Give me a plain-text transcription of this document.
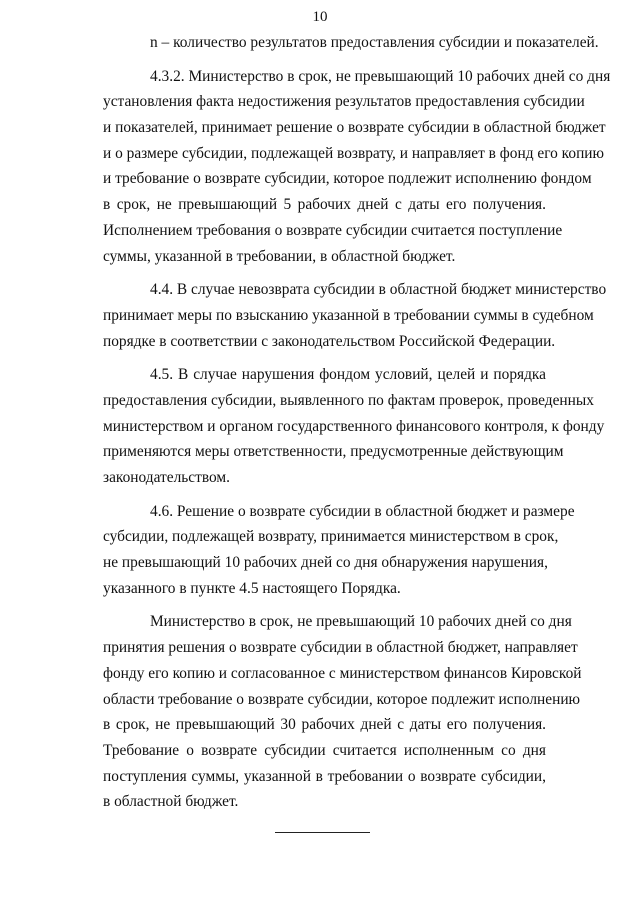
10
n – количество результатов предоставления субсидии и показателей.
4.3.2. Министерство в срок, не превышающий 10 рабочих дней со дня
установления факта недостижения результатов предоставления субсидии
и показателей, принимает решение о возврате субсидии в областной бюджет
и о размере субсидии, подлежащей возврату, и направляет в фонд его копию
и требование о возврате субсидии, которое подлежит исполнению фондом
в срок, не превышающий 5 рабочих дней с даты его получения.
Исполнением требования о возврате субсидии считается поступление
суммы, указанной в требовании, в областной бюджет.
4.4. В случае невозврата субсидии в областной бюджет министерство
принимает меры по взысканию указанной в требовании суммы в судебном
порядке в соответствии с законодательством Российской Федерации.
4.5. В случае нарушения фондом условий, целей и порядка
предоставления субсидии, выявленного по фактам проверок, проведенных
министерством и органом государственного финансового контроля, к фонду
применяются меры ответственности, предусмотренные действующим
законодательством.
4.6. Решение о возврате субсидии в областной бюджет и размере
субсидии, подлежащей возврату, принимается министерством в срок,
не превышающий 10 рабочих дней со дня обнаружения нарушения,
указанного в пункте 4.5 настоящего Порядка.
Министерство в срок, не превышающий 10 рабочих дней со дня
принятия решения о возврате субсидии в областной бюджет, направляет
фонду его копию и согласованное с министерством финансов Кировской
области требование о возврате субсидии, которое подлежит исполнению
в срок, не превышающий 30 рабочих дней с даты его получения.
Требование о возврате субсидии считается исполненным со дня
поступления суммы, указанной в требовании о возврате субсидии,
в областной бюджет.
